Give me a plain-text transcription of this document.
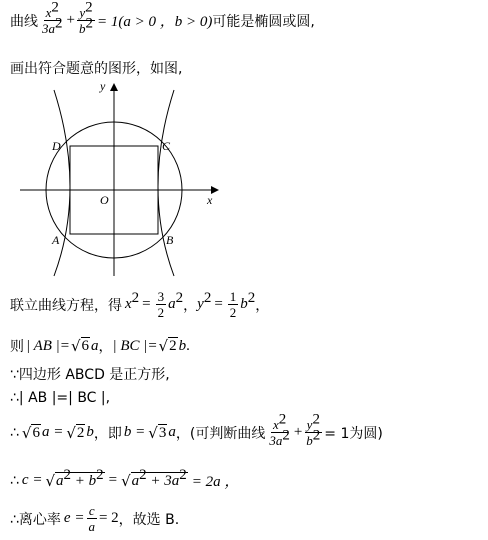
曲线 $\frac{x^2}{3a^2} + \frac{y^2}{b^2} = 1(a > 0$ ，b > 0) 可能是椭圆或圆,
画出符合题意的图形，如图,
x
y
O
D	C
A	B
联立曲线方程，得 $x^2 = \frac{3}{2} a^2$ ， $y^2 = \frac{1}{2} b^2$ ，
则 | AB |= √ 6 a ， | BC |= √ 2 b .
∵四边形 ABCD 是正方形,
∴| AB |=| BC |,
∴ √ 6 a = √ 2 b ，即 b = √ 3 a ，(可判断曲线 $\frac{x^2}{3a^2} + \frac{y^2}{b^2} = 1$为圆)
∴ c = √ $a^2 + b^2$ = √ $a^2 + 3a^2 = 2a$ ，
∴离心率 $e = \frac{c}{a} = 2$ ，故选 B.
